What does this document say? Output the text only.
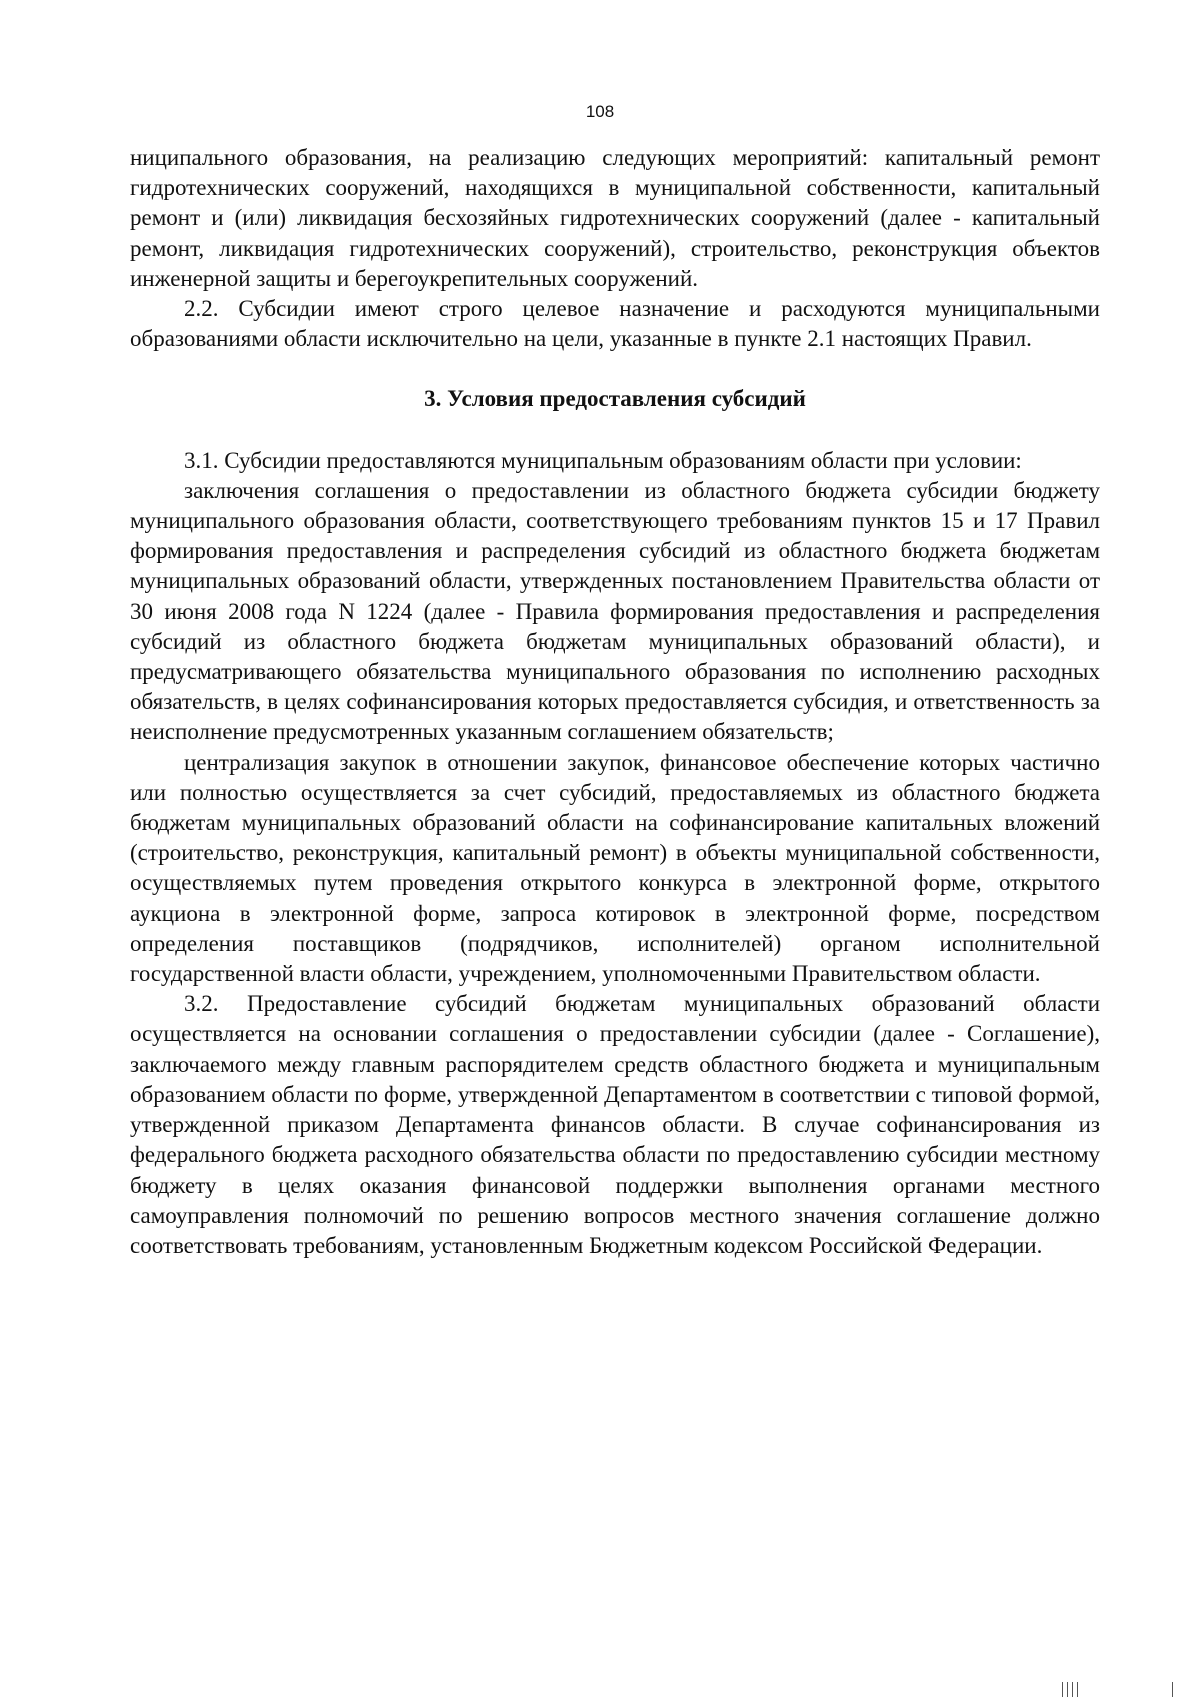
108

ниципального образования, на реализацию следующих мероприятий: капитальный ремонт гидротехнических сооружений, находящихся в муниципальной собственности, капитальный ремонт и (или) ликвидация бесхозяйных гидротехнических сооружений (далее - капитальный ремонт, ликвидация гидротехнических сооружений), строительство, реконструкция объектов инженерной защиты и берегоукрепительных сооружений.

2.2. Субсидии имеют строго целевое назначение и расходуются муниципальными образованиями области исключительно на цели, указанные в пункте 2.1 настоящих Правил.

3. Условия предоставления субсидий

3.1. Субсидии предоставляются муниципальным образованиям области при условии:

заключения соглашения о предоставлении из областного бюджета субсидии бюджету муниципального образования области, соответствующего требованиям пунктов 15 и 17 Правил формирования предоставления и распределения субсидий из областного бюджета бюджетам муниципальных образований области, утвержденных постановлением Правительства области от 30 июня 2008 года N 1224 (далее - Правила формирования предоставления и распределения субсидий из областного бюджета бюджетам муниципальных образований области), и предусматривающего обязательства муниципального образования по исполнению расходных обязательств, в целях софинансирования которых предоставляется субсидия, и ответственность за неисполнение предусмотренных указанным соглашением обязательств;

централизация закупок в отношении закупок, финансовое обеспечение которых частично или полностью осуществляется за счет субсидий, предоставляемых из областного бюджета бюджетам муниципальных образований области на софинансирование капитальных вложений (строительство, реконструкция, капитальный ремонт) в объекты муниципальной собственности, осуществляемых путем проведения открытого конкурса в электронной форме, открытого аукциона в электронной форме, запроса котировок в электронной форме, посредством определения поставщиков (подрядчиков, исполнителей) органом исполнительной государственной власти области, учреждением, уполномоченными Правительством области.

3.2. Предоставление субсидий бюджетам муниципальных образований области осуществляется на основании соглашения о предоставлении субсидии (далее - Соглашение), заключаемого между главным распорядителем средств областного бюджета и муниципальным образованием области по форме, утвержденной Департаментом в соответствии с типовой формой, утвержденной приказом Департамента финансов области. В случае софинансирования из федерального бюджета расходного обязательства области по предоставлению субсидии местному бюджету в целях оказания финансовой поддержки выполнения органами местного самоуправления полномочий по решению вопросов местного значения соглашение должно соответствовать требованиям, установленным Бюджетным кодексом Российской Федерации.
